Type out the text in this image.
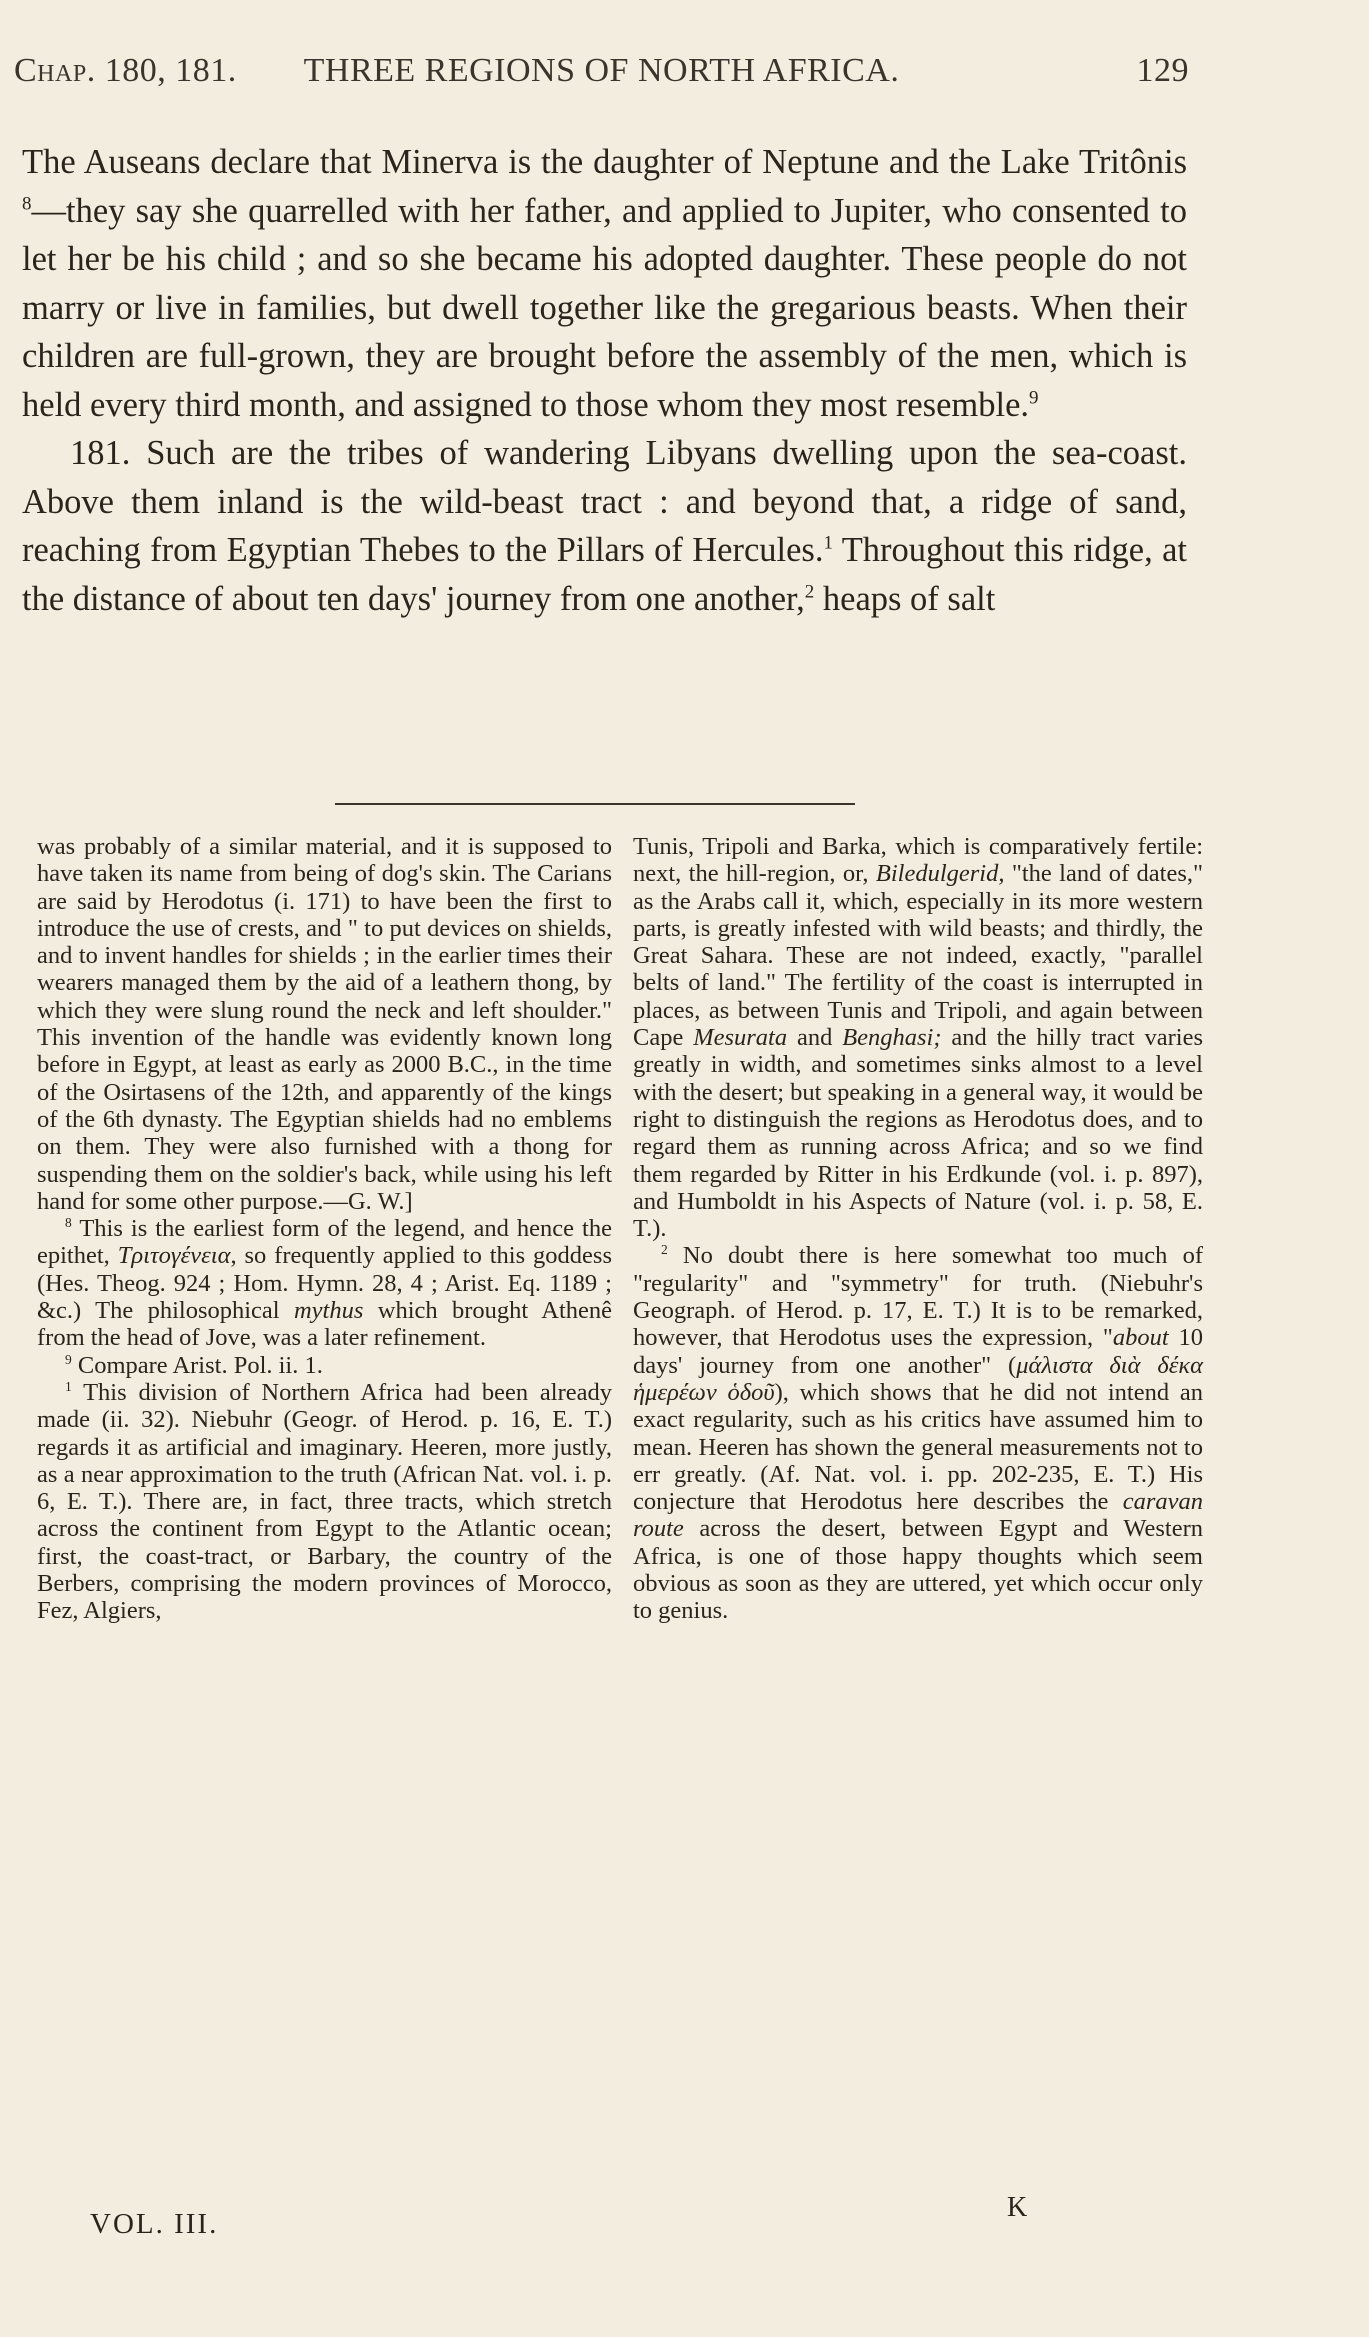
Chap. 180, 181.	THREE REGIONS OF NORTH AFRICA.	129

The Auseans declare that Minerva is the daughter of Neptune and the Lake Tritônis $^8$—they say she quarrelled with her father, and applied to Jupiter, who consented to let her be his child ; and so she became his adopted daughter. These people do not marry or live in families, but dwell together like the gregarious beasts. When their children are full-grown, they are brought before the assembly of the men, which is held every third month, and assigned to those whom they most resemble.$^9$

181. Such are the tribes of wandering Libyans dwelling upon the sea-coast. Above them inland is the wild-beast tract : and beyond that, a ridge of sand, reaching from Egyptian Thebes to the Pillars of Hercules.$^1$ Throughout this ridge, at the distance of about ten days' journey from one another,$^2$ heaps of salt

was probably of a similar material, and it is supposed to have taken its name from being of dog's skin. The Carians are said by Herodotus (i. 171) to have been the first to introduce the use of crests, and " to put devices on shields, and to invent handles for shields ; in the earlier times their wearers managed them by the aid of a leathern thong, by which they were slung round the neck and left shoulder." This invention of the handle was evidently known long before in Egypt, at least as early as 2000 B.C., in the time of the Osirtasens of the 12th, and apparently of the kings of the 6th dynasty. The Egyptian shields had no emblems on them. They were also furnished with a thong for suspending them on the soldier's back, while using his left hand for some other purpose.—G. W.]

$^8$ This is the earliest form of the legend, and hence the epithet, Τριτογένεια, so frequently applied to this goddess (Hes. Theog. 924 ; Hom. Hymn. 28, 4 ; Arist. Eq. 1189 ; &c.) The philosophical mythus which brought Athenê from the head of Jove, was a later refinement.

$^9$ Compare Arist. Pol. ii. 1.

$^1$ This division of Northern Africa had been already made (ii. 32). Niebuhr (Geogr. of Herod. p. 16, E. T.) regards it as artificial and imaginary. Heeren, more justly, as a near approximation to the truth (African Nat. vol. i. p. 6, E. T.). There are, in fact, three tracts, which stretch across the continent from Egypt to the Atlantic ocean; first, the coast-tract, or Barbary, the country of the Berbers, comprising the modern provinces of Morocco, Fez, Algiers,

Tunis, Tripoli and Barka, which is comparatively fertile: next, the hill-region, or, Biledulgerid, "the land of dates," as the Arabs call it, which, especially in its more western parts, is greatly infested with wild beasts; and thirdly, the Great Sahara. These are not indeed, exactly, "parallel belts of land." The fertility of the coast is interrupted in places, as between Tunis and Tripoli, and again between Cape Mesurata and Benghasi; and the hilly tract varies greatly in width, and sometimes sinks almost to a level with the desert; but speaking in a general way, it would be right to distinguish the regions as Herodotus does, and to regard them as running across Africa; and so we find them regarded by Ritter in his Erdkunde (vol. i. p. 897), and Humboldt in his Aspects of Nature (vol. i. p. 58, E. T.).

$^2$ No doubt there is here somewhat too much of "regularity" and "symmetry" for truth. (Niebuhr's Geograph. of Herod. p. 17, E. T.) It is to be remarked, however, that Herodotus uses the expression, "about 10 days' journey from one another" (μάλιστα διὰ δέκα ἡμερέων ὁδοῦ), which shows that he did not intend an exact regularity, such as his critics have assumed him to mean. Heeren has shown the general measurements not to err greatly. (Af. Nat. vol. i. pp. 202-235, E. T.) His conjecture that Herodotus here describes the caravan route across the desert, between Egypt and Western Africa, is one of those happy thoughts which seem obvious as soon as they are uttered, yet which occur only to genius.

VOL. III.
K
